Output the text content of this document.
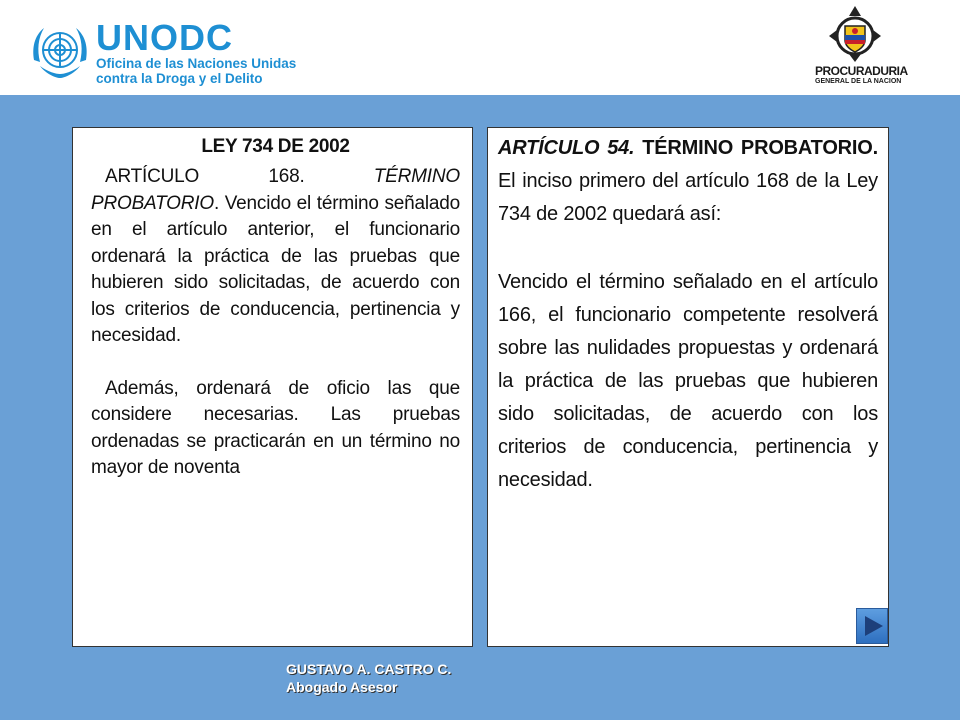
UNODC
Oficina de las Naciones Unidas
contra la Droga y el Delito	PROCURADURIA
GENERAL DE LA NACION

LEY 734 DE 2002

ARTÍCULO 168. TÉRMINO PROBATORIO. Vencido el término señalado en el artículo anterior, el funcionario ordenará la práctica de las pruebas que hubieren sido solicitadas, de acuerdo con los criterios de conducencia, pertinencia y necesidad.

Además, ordenará de oficio las que considere necesarias. Las pruebas ordenadas se practicarán en un término no mayor de noventa

ARTÍCULO 54. TÉRMINO PROBATORIO. El inciso primero del artículo 168 de la Ley 734 de 2002 quedará así:

Vencido el término señalado en el artículo 166, el funcionario competente resolverá sobre las nulidades propuestas y ordenará la práctica de las pruebas que hubieren sido solicitadas, de acuerdo con los criterios de conducencia, pertinencia y necesidad.

GUSTAVO A. CASTRO C.
Abogado Asesor
